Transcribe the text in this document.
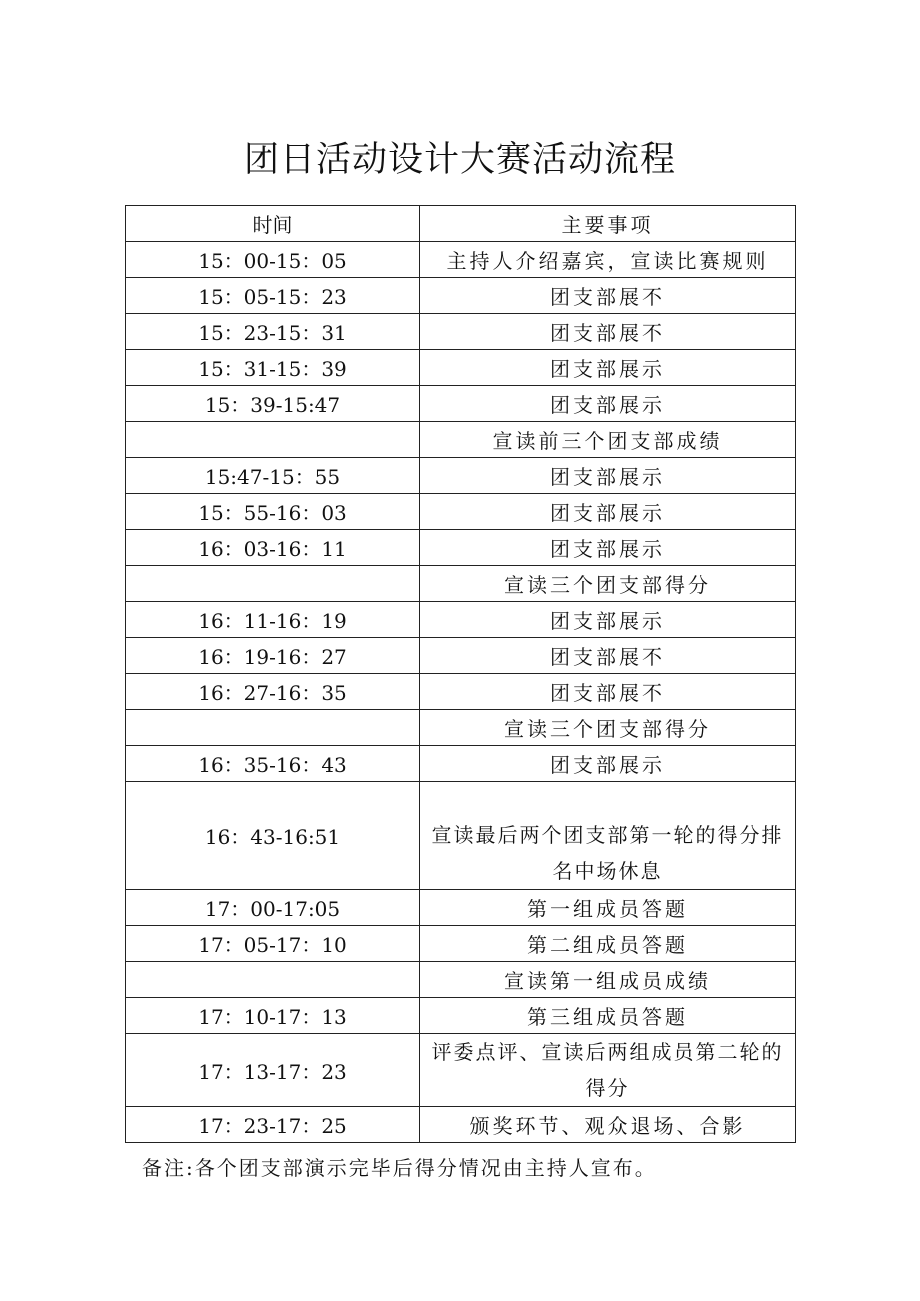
团日活动设计大赛活动流程
时间	主要事项
15：00-15：05	主持人介绍嘉宾，宣读比赛规则
15：05-15：23	团支部展不
15：23-15：31	团支部展不
15：31-15：39	团支部展示
15：39-15:47	团支部展示
	宣读前三个团支部成绩
15:47-15：55	团支部展示
15：55-16：03	团支部展示
16：03-16：11	团支部展示
	宣读三个团支部得分
16：11-16：19	团支部展示
16：19-16：27	团支部展不
16：27-16：35	团支部展不
	宣读三个团支部得分
16：35-16：43	团支部展示
16：43-16:51	宣读最后两个团支部第一轮的得分排名中场休息
17：00-17:05	第一组成员答题
17：05-17：10	第二组成员答题
	宣读第一组成员成绩
17：10-17：13	第三组成员答题
17：13-17：23	评委点评、宣读后两组成员第二轮的得分
17：23-17：25	颁奖环节、观众退场、合影

备注:各个团支部演示完毕后得分情况由主持人宣布。
